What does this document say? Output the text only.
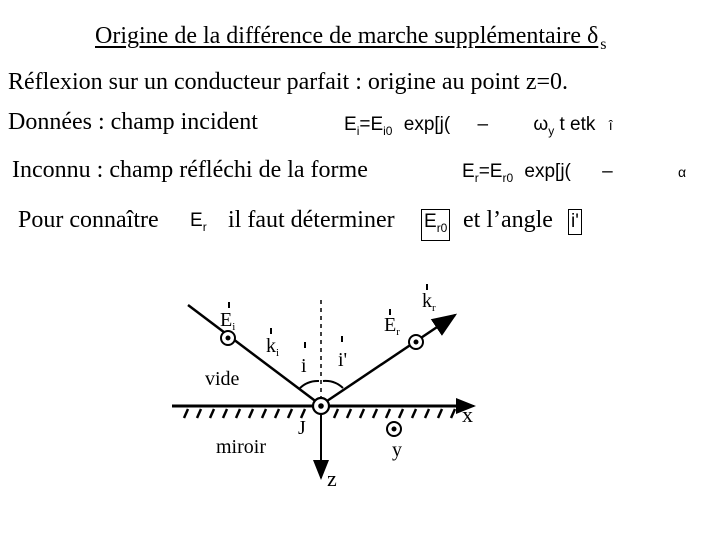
Origine de la différence de marche supplémentaire δ $_s$
Réflexion sur un conducteur parfait : origine au point z=0.
Données : champ incident	$E_i=E_{i0}$ $\exp[j( - \omega_y$ t etk î
Inconnu : champ réfléchi de la forme	$E_r=E_{r0}$ exp[j( –	α
Pour connaître $E_r$ il faut déterminer $E_{r0}$ et l’angle i'
$E_i$
$k_i$
vide
i i'
$k_r$
$E_r$
x
J
miroir	y
z
